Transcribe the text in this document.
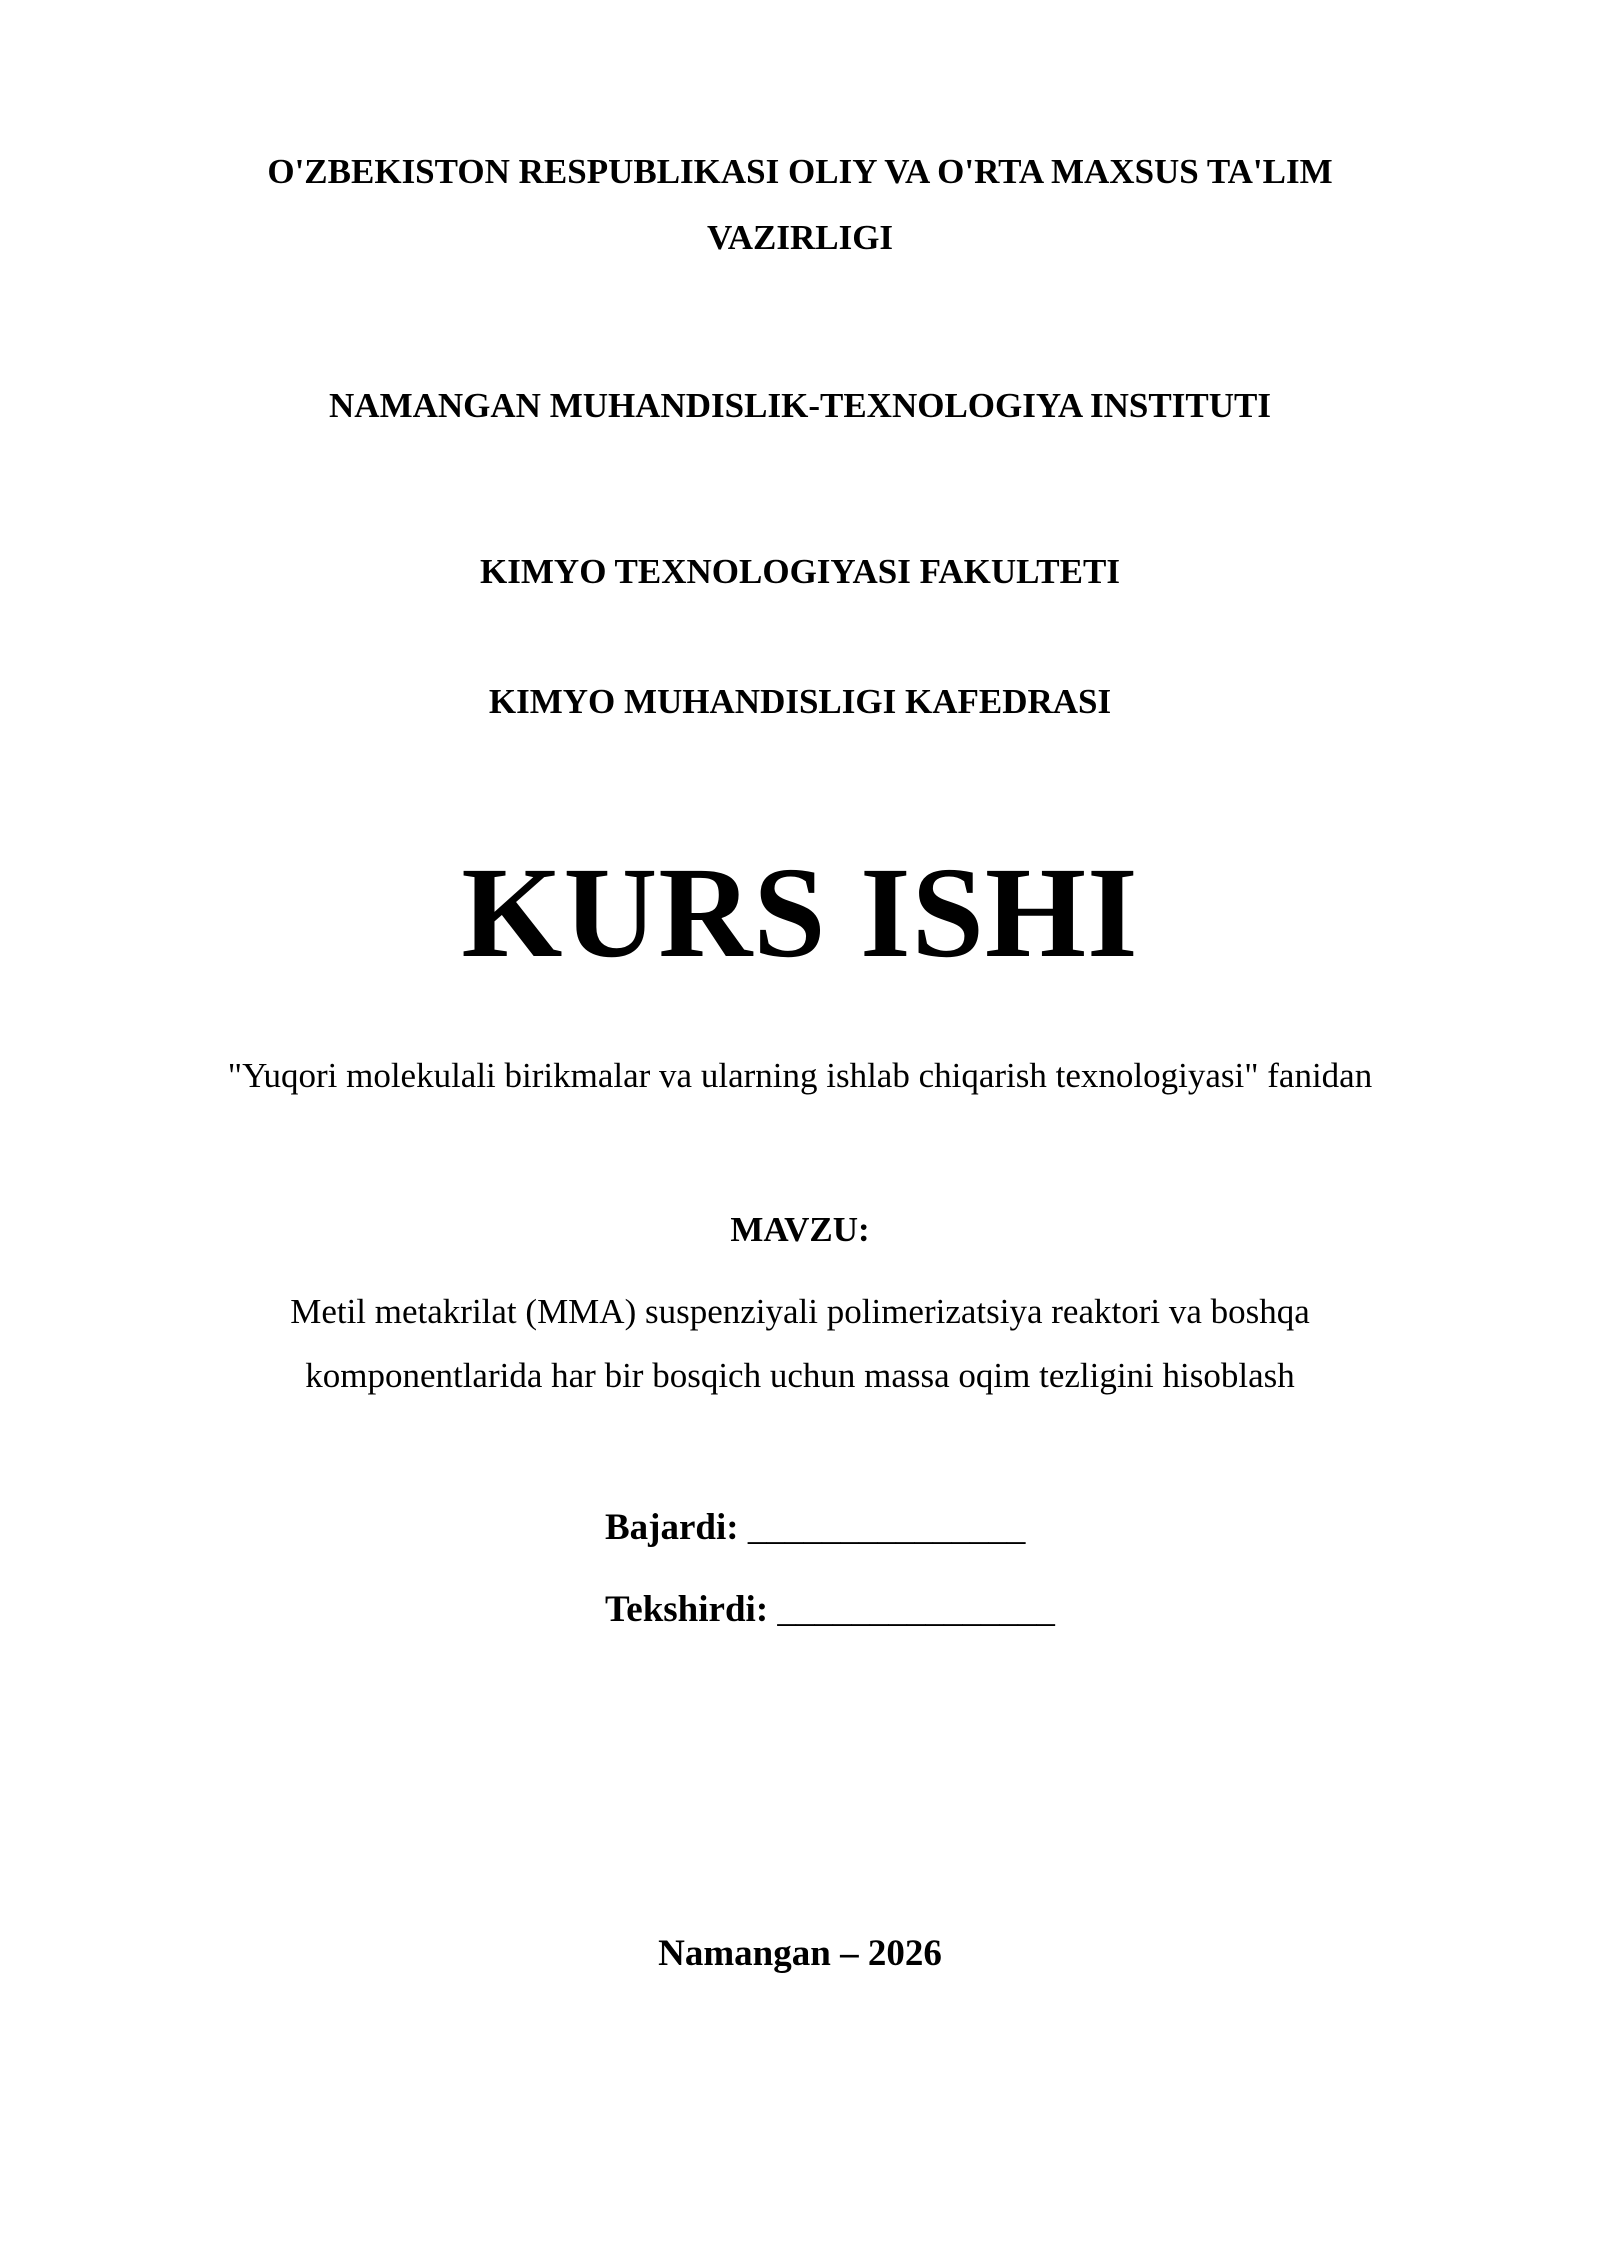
O'ZBEKISTON RESPUBLIKASI OLIY VA O'RTA MAXSUS TA'LIM
VAZIRLIGI
NAMANGAN MUHANDISLIK-TEXNOLOGIYA INSTITUTI
KIMYO TEXNOLOGIYASI FAKULTETI
KIMYO MUHANDISLIGI KAFEDRASI
KURS ISHI
"Yuqori molekulali birikmalar va ularning ishlab chiqarish texnologiyasi" fanidan
MAVZU:
Metil metakrilat (MMA) suspenziyali polimerizatsiya reaktori va boshqa
komponentlarida har bir bosqich uchun massa oqim tezligini hisoblash
Bajardi: _______________
Tekshirdi: _______________
Namangan – 2026
